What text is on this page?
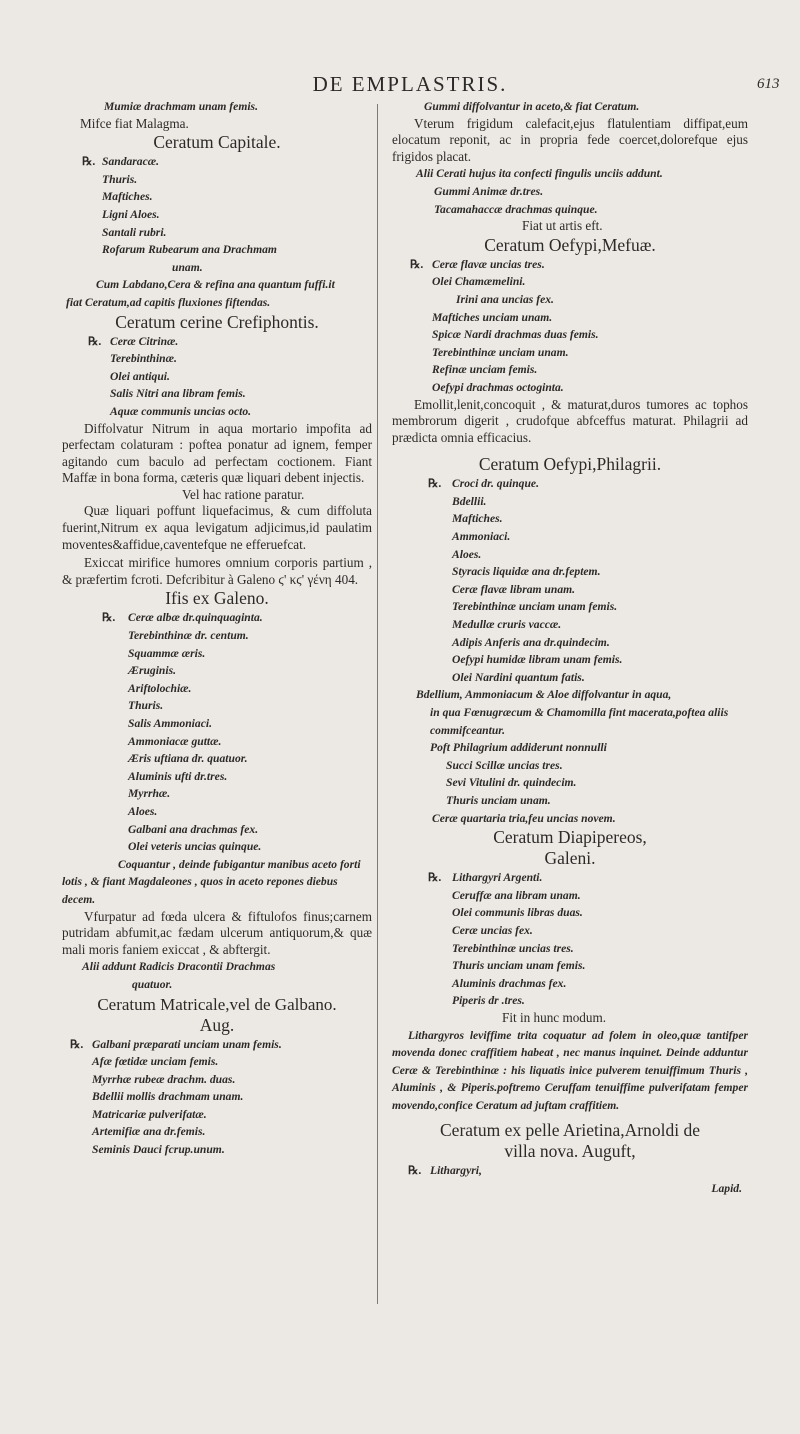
DE EMPLASTRIS.	613
Mumiæ drachmam unam femis.
Mifce fiat Malagma.
Ceratum Capitale.
℞. Sandaracæ.
Thuris.
Maftiches.
Ligni Aloes.
Santali rubri.
Rofarum Rubearum ana Drachmam
unam.
Cum Labdano,Cera & refina ana quantum fuffi.it
fiat Ceratum,ad capitis fluxiones fiftendas.
Ceratum cerine Crefiphontis.
℞. Ceræ Citrinæ.
Terebinthinæ.
Olei antiqui.
Salis Nitri ana libram femis.
Aquæ communis uncias octo.
Diffolvatur Nitrum in aqua mortario impofita ad perfectam colaturam : poftea ponatur ad ignem, femper agitando cum baculo ad perfectam coctionem. Fiant Maffæ in bona forma, cæteris quæ liquari debent injectis.
Vel hac ratione paratur.
Quæ liquari poffunt liquefacimus, & cum diffoluta fuerint,Nitrum ex aqua levigatum adjicimus,id paulatim moventes&affidue,caventefque ne efferuefcat.
Exiccat mirifice humores omnium corporis partium , & præfertim fcroti. Defcribitur à Galeno ϛ' κϛ' γένη 404.
Ifis ex Galeno.
℞. Ceræ albæ dr.quinquaginta.
Terebinthinæ dr. centum.
Squammæ æris.
Æruginis.
Ariftolochiæ.
Thuris.
Salis Ammoniaci.
Ammoniacæ guttæ.
Æris uftiana dr. quatuor.
Aluminis ufti dr.tres.
Myrrhæ.
Aloes.
Galbani ana drachmas fex.
Olei veteris uncias quinque.
Coquantur , deinde fubigantur manibus aceto forti
lotis , & fiant Magdaleones , quos in aceto repones diebus
decem.
Vfurpatur ad fœda ulcera & fiftulofos finus;carnem putridam abfumit,ac fædam ulcerum antiquorum,& quæ mali moris faniem exiccat , & abftergit.
Alii addunt Radicis Dracontii Drachmas
quatuor.
Ceratum Matricale,vel de Galbano.
Aug.
℞. Galbani præparati unciam unam femis.
Afæ fœtidæ unciam femis.
Myrrhæ rubeæ drachm. duas.
Bdellii mollis drachmam unam.
Matricariæ pulverifatæ.
Artemifiæ ana dr.femis.
Seminis Dauci fcrup.unum.
Gummi diffolvantur in aceto,& fiat Ceratum.
Vterum frigidum calefacit,ejus flatulentiam diffipat,eum elocatum reponit, ac in propria fede coercet,dolorefque ejus frigidos placat.
Alii Cerati hujus ita confecti fingulis unciis addunt.
Gummi Animæ dr.tres.
Tacamahaccæ drachmas quinque.
Fiat ut artis eft.
Ceratum Oefypi,Mefuæ.
℞. Ceræ flavæ uncias tres.
Olei Chamæmelini.
Irini ana uncias fex.
Maftiches unciam unam.
Spicæ Nardi drachmas duas femis.
Terebinthinæ unciam unam.
Refinæ unciam femis.
Oefypi drachmas octoginta.
Emollit,lenit,concoquit , & maturat,duros tumores ac tophos membrorum digerit , crudofque abfceffus maturat. Philagrii ad prædicta omnia efficacius.
Ceratum Oefypi,Philagrii.
℞. Croci dr. quinque.
Bdellii.
Maftiches.
Ammoniaci.
Aloes.
Styracis liquidæ ana dr.feptem.
Ceræ flavæ libram unam.
Terebinthinæ unciam unam femis.
Medullæ cruris vaccæ.
Adipis Anferis ana dr.quindecim.
Oefypi humidæ libram unam femis.
Olei Nardini quantum fatis.
Bdellium, Ammoniacum & Aloe diffolvantur in aqua,
in qua Fœnugræcum & Chamomilla fint macerata,poftea aliis commifceantur.
Poft Philagrium addiderunt nonnulli
Succi Scillæ uncias tres.
Sevi Vitulini dr. quindecim.
Thuris unciam unam.
Ceræ quartaria tria,feu uncias novem.
Ceratum Diapipereos,
Galeni.
℞. Lithargyri Argenti.
Ceruffæ ana libram unam.
Olei communis libras duas.
Ceræ uncias fex.
Terebinthinæ uncias tres.
Thuris unciam unam femis.
Aluminis drachmas fex.
Piperis dr .tres.
Fit in hunc modum.
Lithargyros leviffime trita coquatur ad folem in oleo,quæ tantifper movenda donec craffitiem habeat , nec manus inquinet. Deinde adduntur Ceræ & Terebinthinæ : his liquatis inice pulverem tenuiffimum Thuris , Aluminis , & Piperis.poftremo Ceruffam tenuiffime pulverifatam femper movendo,confice Ceratum ad juftam craffitiem.
Ceratum ex pelle Arietina,Arnoldi de
villa nova. Auguft,
℞. Lithargyri,
Lapid.
